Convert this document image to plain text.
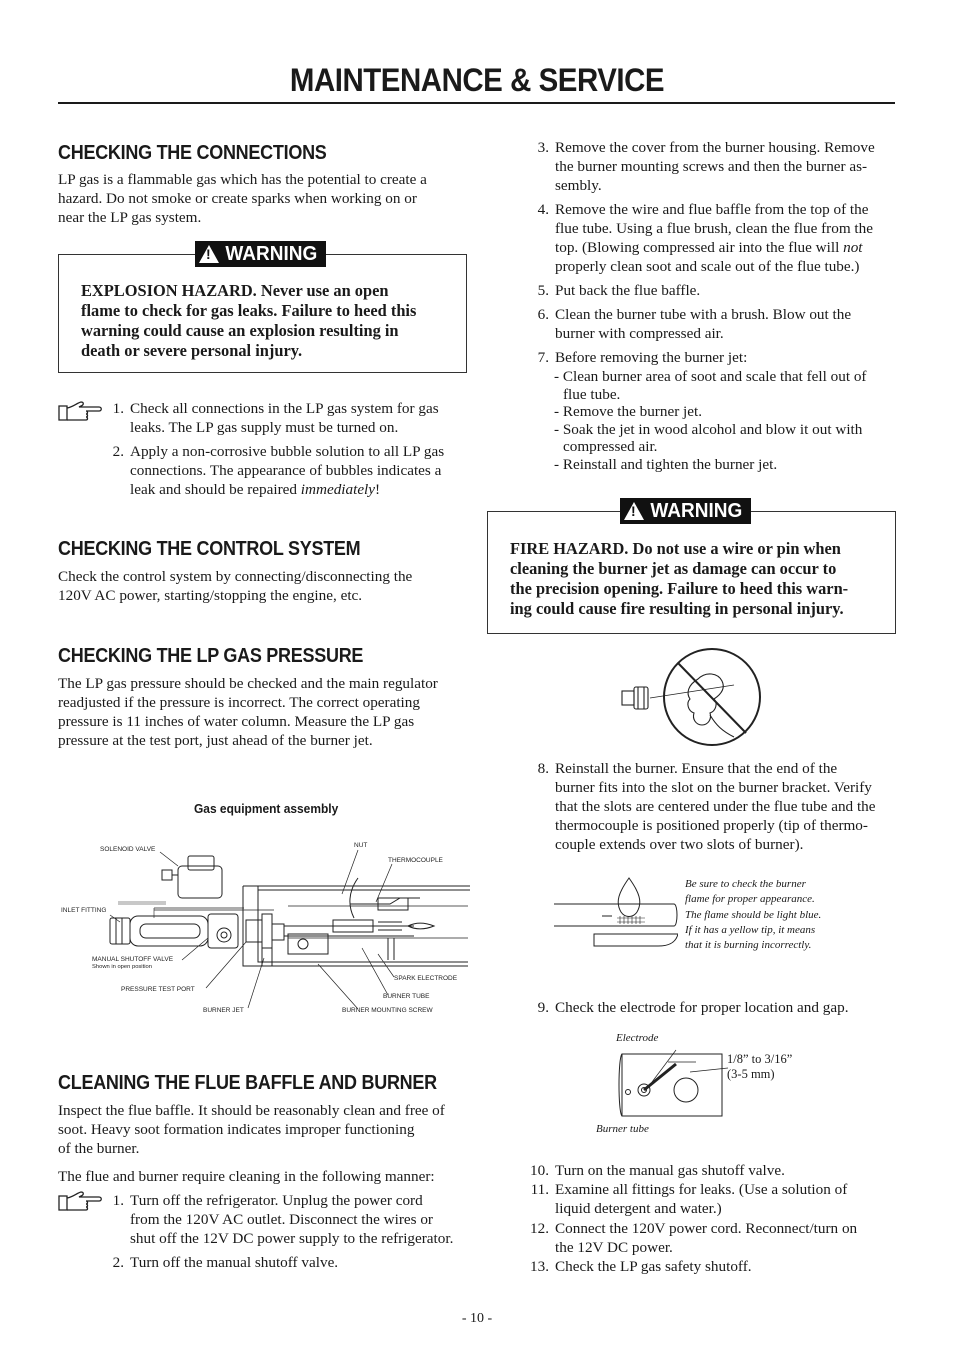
MAINTENANCE & SERVICE
CHECKING THE CONNECTIONS

LP gas is a flammable gas which has the potential to create a
hazard. Do not smoke or create sparks when working on or
near the LP gas system.

EXPLOSION HAZARD. Never use an open
flame to check for gas leaks. Failure to heed this
warning could cause an explosion resulting in
death or severe personal injury.

!
WARNING
1. Check all connections in the LP gas system for gas
leaks. The LP gas supply must be turned on.
2. Apply a non-corrosive bubble solution to all LP gas
connections. The appearance of bubbles indicates a
leak and should be repaired immediately!
CHECKING THE CONTROL SYSTEM

Check the control system by connecting/disconnecting the
120V AC power, starting/stopping the engine, etc.

CHECKING THE LP GAS PRESSURE

The LP gas pressure should be checked and the main regulator
readjusted if the pressure is incorrect. The correct operating
pressure is 11 inches of water column. Measure the LP gas
pressure at the test port, just ahead of the burner jet.

Gas equipment assembly
SOLENOID VALVE
NUT
THERMOCOUPLE
INLET FITTING
MANUAL SHUTOFF VALVE
Shown in open position
SPARK ELECTRODE
PRESSURE TEST PORT
BURNER TUBE
BURNER JET	BURNER MOUNTING SCREW
CLEANING THE FLUE BAFFLE AND BURNER

Inspect the flue baffle. It should be reasonably clean and free of
soot. Heavy soot formation indicates improper functioning
of the burner.

The flue and burner require cleaning in the following manner:

1. Turn off the refrigerator. Unplug the power cord
from the 120V AC outlet. Disconnect the wires or
shut off the 12V DC power supply to the refrigerator.
2. Turn off the manual shutoff valve.
3. Remove the cover from the burner housing. Remove
the burner mounting screws and then the burner as-
sembly.
4. Remove the wire and flue baffle from the top of the
flue tube. Using a flue brush, clean the flue from the
top. (Blowing compressed air into the flue will not
properly clean soot and scale out of the flue tube.)
5. Put back the flue baffle.
6. Clean the burner tube with a brush. Blow out the
burner with compressed air.
7. Before removing the burner jet:
- Clean burner area of soot and scale that fell out of
flue tube.
- Remove the burner jet.
- Soak the jet in wood alcohol and blow it out with
compressed air.
- Reinstall and tighten the burner jet.

FIRE HAZARD. Do not use a wire or pin when
cleaning the burner jet as damage can occur to
the precision opening. Failure to heed this warn-
ing could cause fire resulting in personal injury.

!
WARNING
8. Reinstall the burner. Ensure that the end of the
burner fits into the slot on the burner bracket. Verify
that the slots are centered under the flue tube and the
thermocouple is positioned properly (tip of thermo-
couple extends over two slots of burner).
Be sure to check the burner
flame for proper appearance.
The flame should be light blue.
If it has a yellow tip, it means
that it is burning incorrectly.
9. Check the electrode for proper location and gap.
Electrode
1/8” to 3/16”
(3-5 mm)
Burner tube
10. Turn on the manual gas shutoff valve.
11. Examine all fittings for leaks. (Use a solution of
liquid detergent and water.)
12. Connect the 120V power cord. Reconnect/turn on
the 12V DC power.
13. Check the LP gas safety shutoff.
- 10 -
